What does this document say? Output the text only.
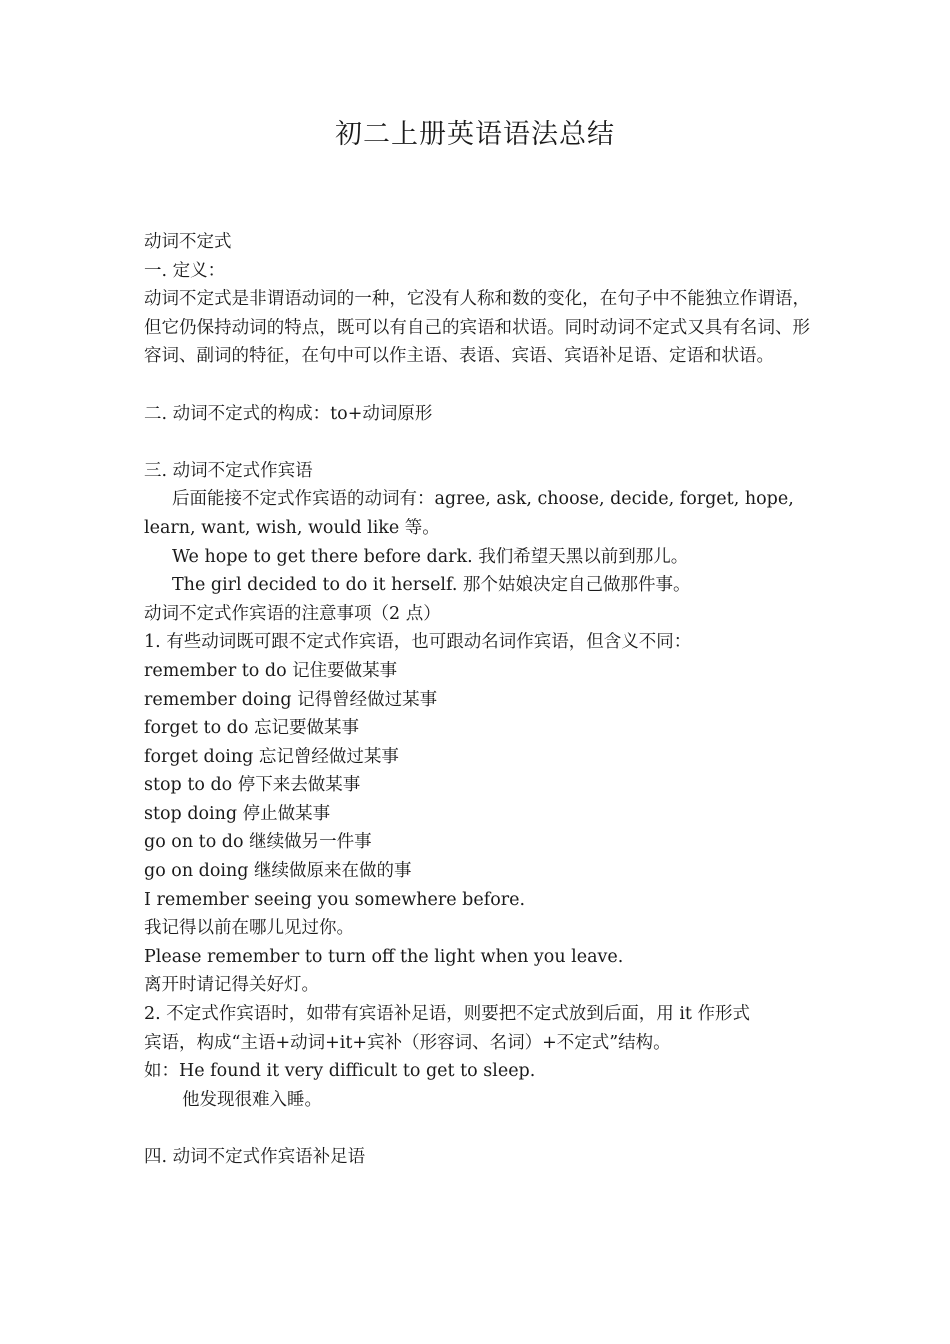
初二上册英语语法总结
动词不定式
一. 定义：
动词不定式是非谓语动词的一种，它没有人称和数的变化，在句子中不能独立作谓语，但它仍保持动词的特点，既可以有自己的宾语和状语。同时动词不定式又具有名词、形容词、副词的特征，在句中可以作主语、表语、宾语、宾语补足语、定语和状语。
二. 动词不定式的构成：to+动词原形
三. 动词不定式作宾语
后面能接不定式作宾语的动词有：agree, ask, choose, decide, forget, hope,
learn, want, wish, would like 等。
We hope to get there before dark. 我们希望天黑以前到那儿。
The girl decided to do it herself. 那个姑娘决定自己做那件事。
动词不定式作宾语的注意事项（2 点）
1. 有些动词既可跟不定式作宾语，也可跟动名词作宾语，但含义不同：
remember to do 记住要做某事
remember doing 记得曾经做过某事
forget to do 忘记要做某事
forget doing 忘记曾经做过某事
stop to do 停下来去做某事
stop doing 停止做某事
go on to do 继续做另一件事
go on doing 继续做原来在做的事
I remember seeing you somewhere before.
我记得以前在哪儿见过你。
Please remember to turn off the light when you leave.
离开时请记得关好灯。
2. 不定式作宾语时，如带有宾语补足语，则要把不定式放到后面，用 it 作形式
宾语，构成“主语+动词+it+宾补（形容词、名词）+不定式”结构。
如：He found it very difficult to get to sleep.
他发现很难入睡。
四. 动词不定式作宾语补足语
